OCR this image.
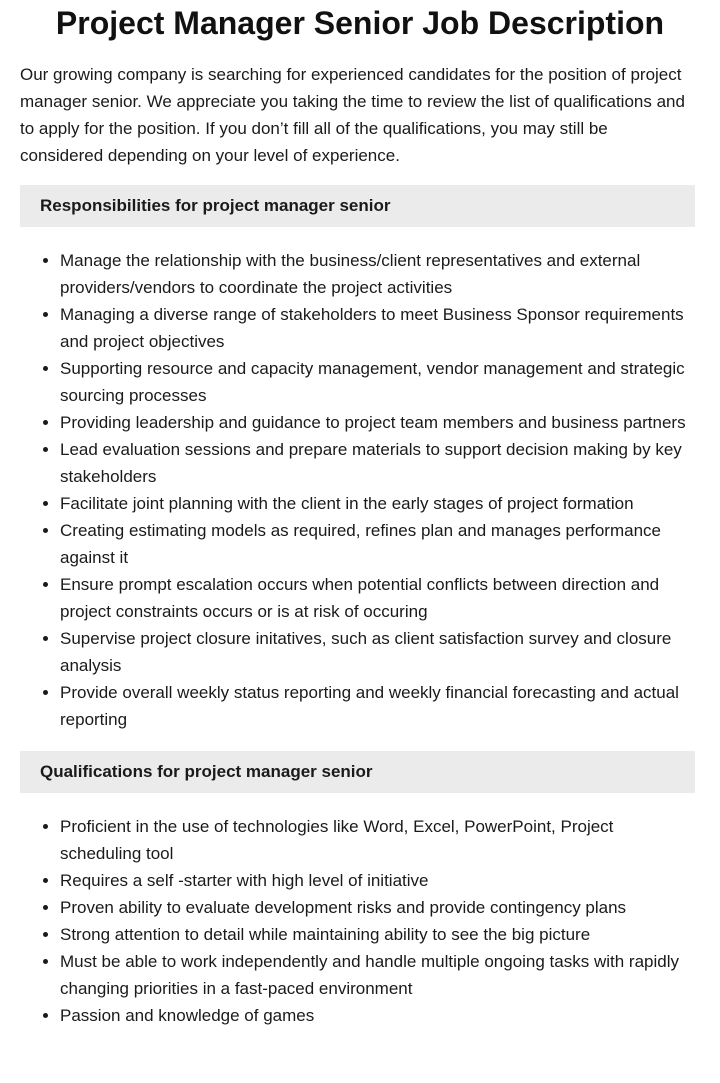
Project Manager Senior Job Description

Our growing company is searching for experienced candidates for the position of project manager senior. We appreciate you taking the time to review the list of qualifications and to apply for the position. If you don’t fill all of the qualifications, you may still be considered depending on your level of experience.

Responsibilities for project manager senior
• Manage the relationship with the business/client representatives and external providers/vendors to coordinate the project activities
• Managing a diverse range of stakeholders to meet Business Sponsor requirements and project objectives
• Supporting resource and capacity management, vendor management and strategic sourcing processes
• Providing leadership and guidance to project team members and business partners
• Lead evaluation sessions and prepare materials to support decision making by key stakeholders
• Facilitate joint planning with the client in the early stages of project formation
• Creating estimating models as required, refines plan and manages performance against it
• Ensure prompt escalation occurs when potential conflicts between direction and project constraints occurs or is at risk of occuring
• Supervise project closure initatives, such as client satisfaction survey and closure analysis
• Provide overall weekly status reporting and weekly financial forecasting and actual reporting
Qualifications for project manager senior
• Proficient in the use of technologies like Word, Excel, PowerPoint, Project scheduling tool
• Requires a self -starter with high level of initiative
• Proven ability to evaluate development risks and provide contingency plans
• Strong attention to detail while maintaining ability to see the big picture
• Must be able to work independently and handle multiple ongoing tasks with rapidly changing priorities in a fast-paced environment
• Passion and knowledge of games
